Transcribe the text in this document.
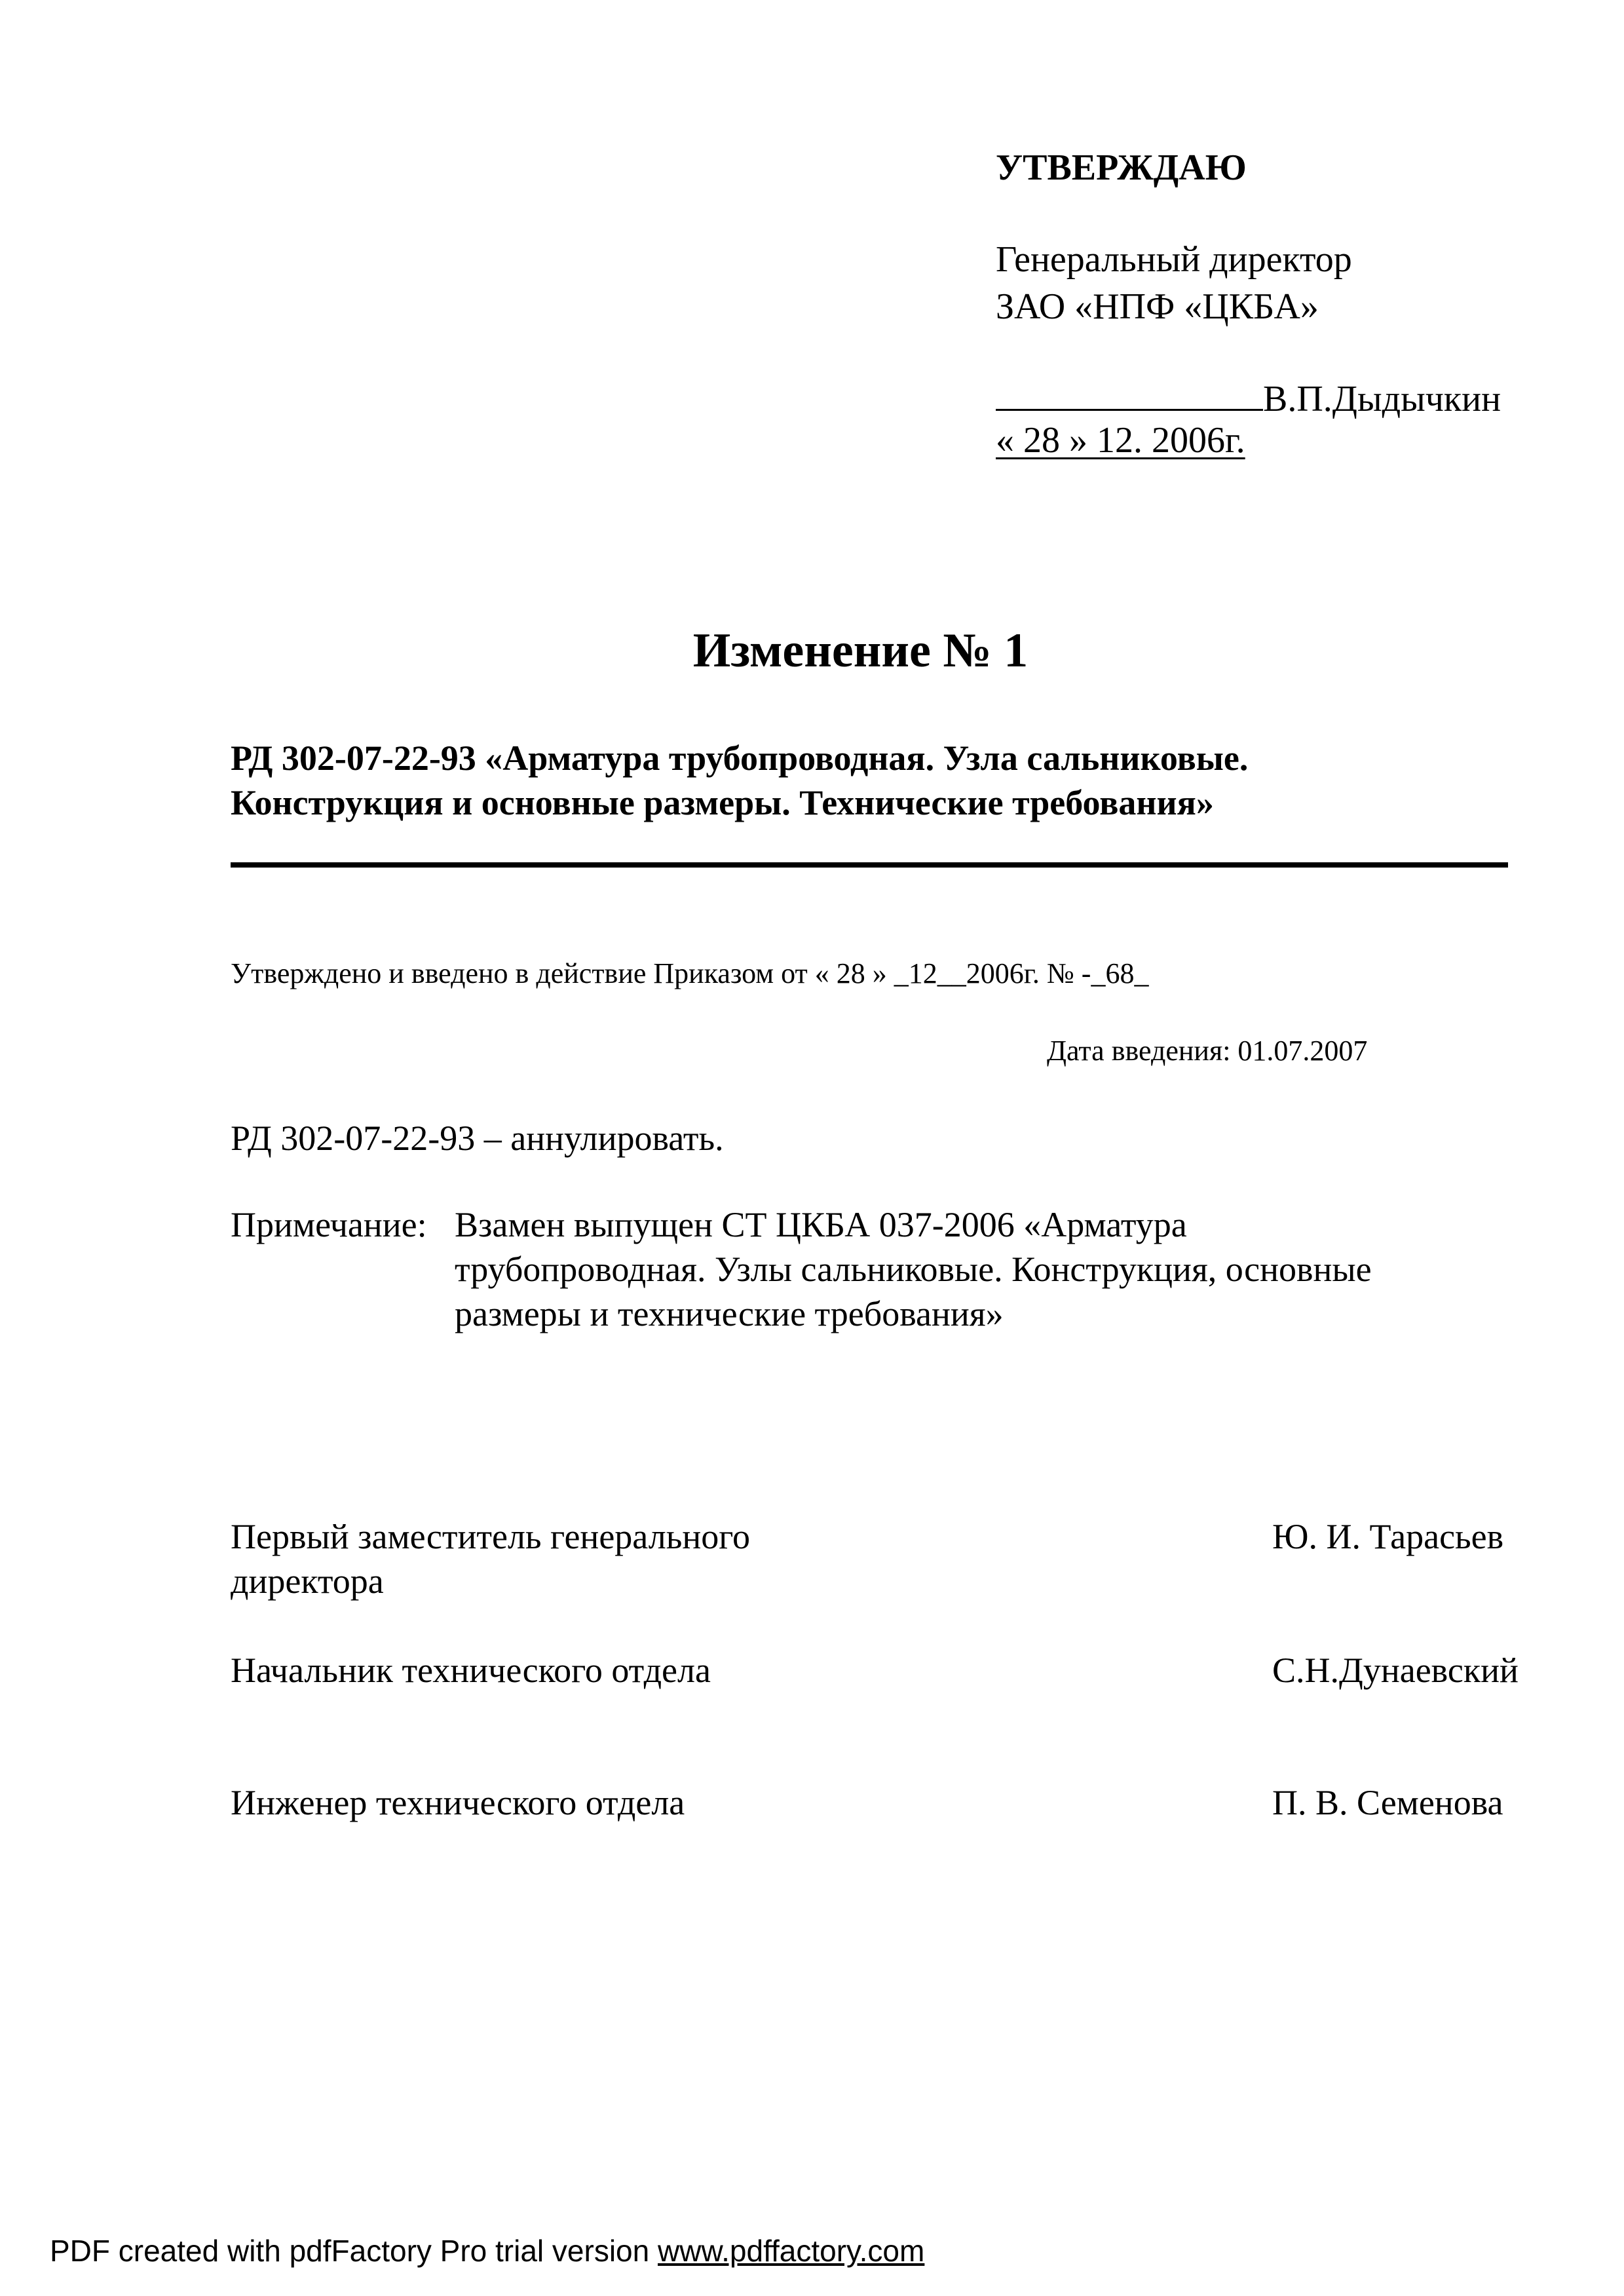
УТВЕРЖДАЮ
Генеральный директор
ЗАО «НПФ «ЦКБА»
В.П.Дыдычкин
« 28 » 12. 2006г.
Изменение № 1
РД 302-07-22-93 «Арматура трубопроводная. Узла сальниковые.
Конструкция и основные размеры. Технические требования»
Утверждено и введено в действие Приказом от « 28 » _12__2006г. № -_68_
Дата введения: 01.07.2007
РД 302-07-22-93 – аннулировать.
Примечание: Взамен выпущен СТ ЦКБА 037-2006 «Арматура
трубопроводная. Узлы сальниковые. Конструкция, основные
размеры и технические требования»
Первый заместитель генерального
директора
Ю. И. Тарасьев
Начальник технического отдела	С.Н.Дунаевский
Инженер технического отдела	П. В. Семенова
PDF created with pdfFactory Pro trial version www.pdffactory.com
